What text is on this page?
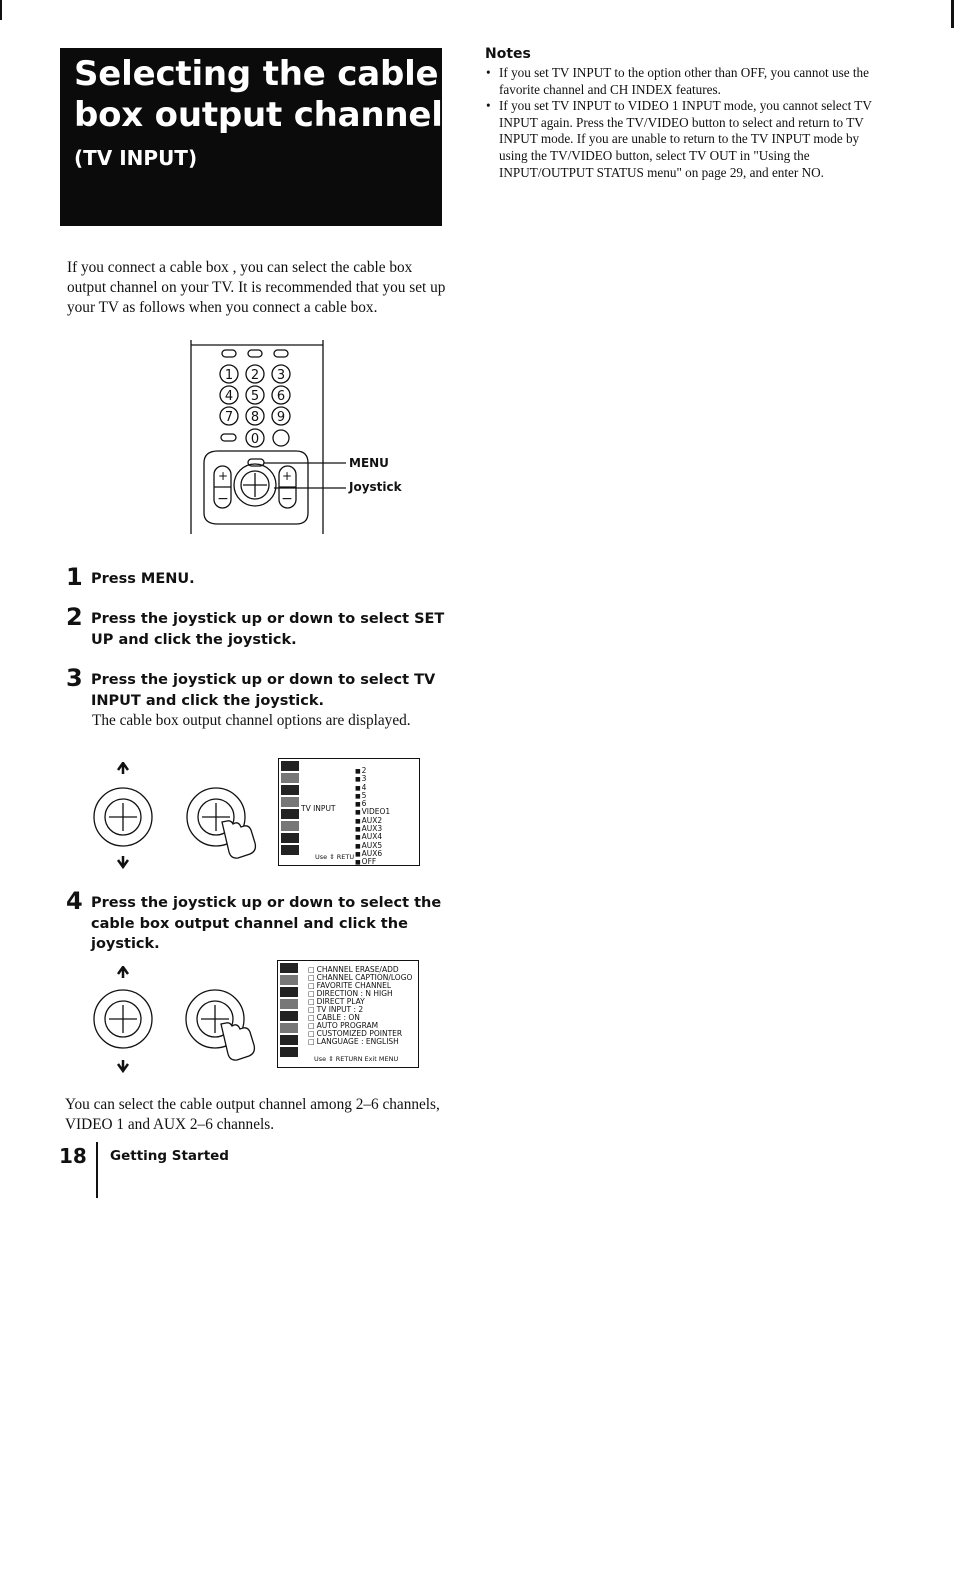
Selecting the cable box output channel
(TV INPUT)
Notes
• If you set TV INPUT to the option other than OFF, you cannot use the favorite channel and CH INDEX features.
• If you set TV INPUT to VIDEO 1 INPUT mode, you cannot select TV INPUT again. Press the TV/VIDEO button to select and return to TV INPUT mode. If you are unable to return to the TV INPUT mode by using the TV/VIDEO button, select TV OUT in "Using the INPUT/OUTPUT STATUS menu" on page 29, and enter NO.

If you connect a cable box , you can select the cable box output channel on your TV. It is recommended that you set up your TV as follows when you connect a cable box.

1 2 3
4 5 6
7 8 9
0
+	+
−	−
MENU
Joystick
1 Press MENU.
2 Press the joystick up or down to select SET UP and click the joystick.
3 Press the joystick up or down to select TV INPUT and click the joystick.
The cable box output channel options are displayed.
TV INPUT
■ 2
■ 3
■ 4
■ 5
■ 6
■ VIDEO1
■ AUX2
■ AUX3
■ AUX4
■ AUX5
■ AUX6
■ OFF
Use ⇕ RETU
4 Press the joystick up or down to select the cable box output channel and click the joystick.
□ CHANNEL ERASE/ADD
□ CHANNEL CAPTION/LOGO
□ FAVORITE CHANNEL
□ DIRECTION : N HIGH
□ DIRECT PLAY
□ TV INPUT : 2
□ CABLE : ON
□ AUTO PROGRAM
□ CUSTOMIZED POINTER
□ LANGUAGE : ENGLISH
Use ⇕ RETURN Exit MENU

You can select the cable output channel among 2–6 channels, VIDEO 1 and AUX 2–6 channels.

18 Getting Started
